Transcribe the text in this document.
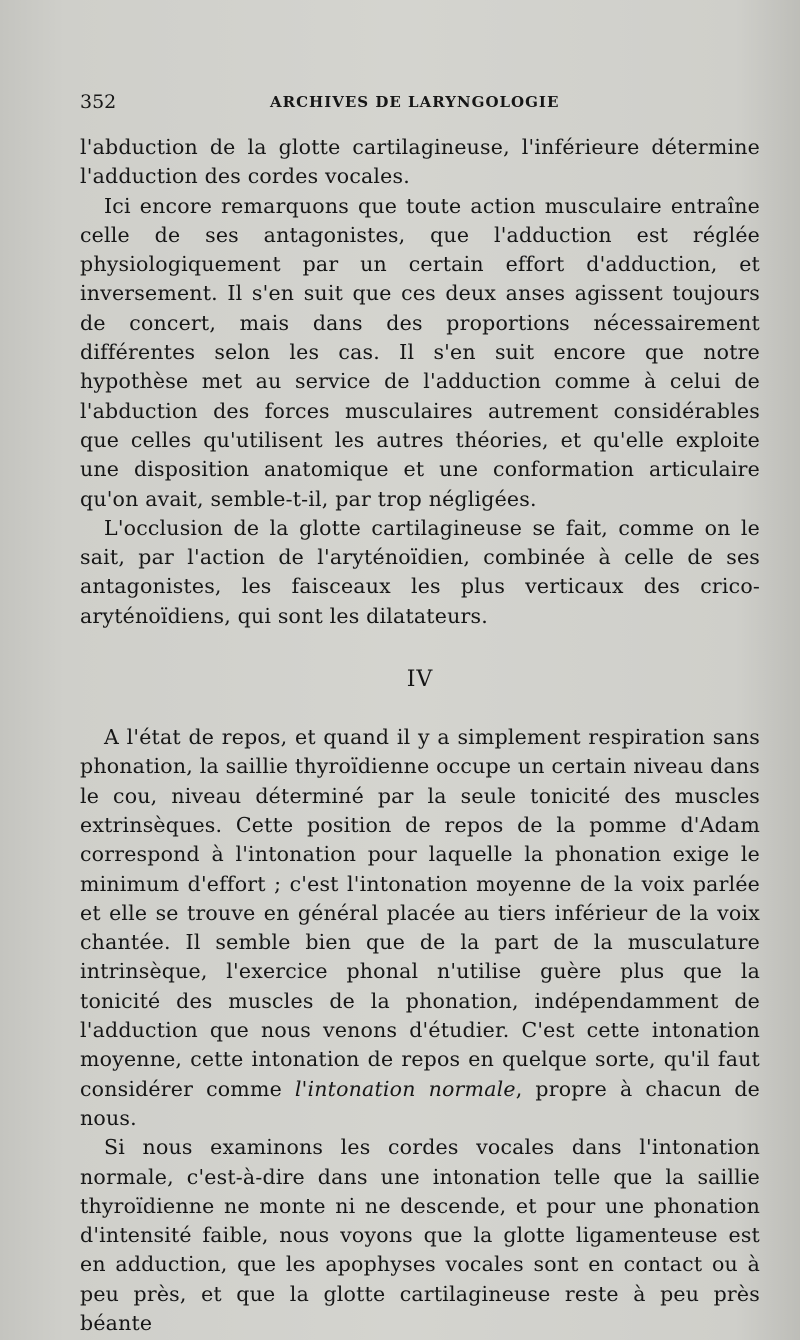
352	ARCHIVES DE LARYNGOLOGIE

l'abduction de la glotte cartilagineuse, l'inférieure détermine l'adduction des cordes vocales.

Ici encore remarquons que toute action musculaire entraîne celle de ses antagonistes, que l'adduction est réglée physiologiquement par un certain effort d'adduction, et inversement. Il s'en suit que ces deux anses agissent toujours de concert, mais dans des proportions nécessairement différentes selon les cas. Il s'en suit encore que notre hypothèse met au service de l'adduction comme à celui de l'abduction des forces musculaires autrement considérables que celles qu'utilisent les autres théories, et qu'elle exploite une disposition anatomique et une conformation articulaire qu'on avait, semble-t-il, par trop négligées.

L'occlusion de la glotte cartilagineuse se fait, comme on le sait, par l'action de l'aryténoïdien, combinée à celle de ses antagonistes, les faisceaux les plus verticaux des crico-aryténoïdiens, qui sont les dilatateurs.

IV

A l'état de repos, et quand il y a simplement respiration sans phonation, la saillie thyroïdienne occupe un certain niveau dans le cou, niveau déterminé par la seule tonicité des muscles extrinsèques. Cette position de repos de la pomme d'Adam correspond à l'intonation pour laquelle la phonation exige le minimum d'effort ; c'est l'intonation moyenne de la voix parlée et elle se trouve en général placée au tiers inférieur de la voix chantée. Il semble bien que de la part de la musculature intrinsèque, l'exercice phonal n'utilise guère plus que la tonicité des muscles de la phonation, indépendamment de l'adduction que nous venons d'étudier. C'est cette intonation moyenne, cette intonation de repos en quelque sorte, qu'il faut considérer comme l'intonation normale, propre à chacun de nous.

Si nous examinons les cordes vocales dans l'intonation normale, c'est-à-dire dans une intonation telle que la saillie thyroïdienne ne monte ni ne descende, et pour une phonation d'intensité faible, nous voyons que la glotte ligamenteuse est en adduction, que les apophyses vocales sont en contact ou à peu près, et que la glotte cartilagineuse reste à peu près béante
